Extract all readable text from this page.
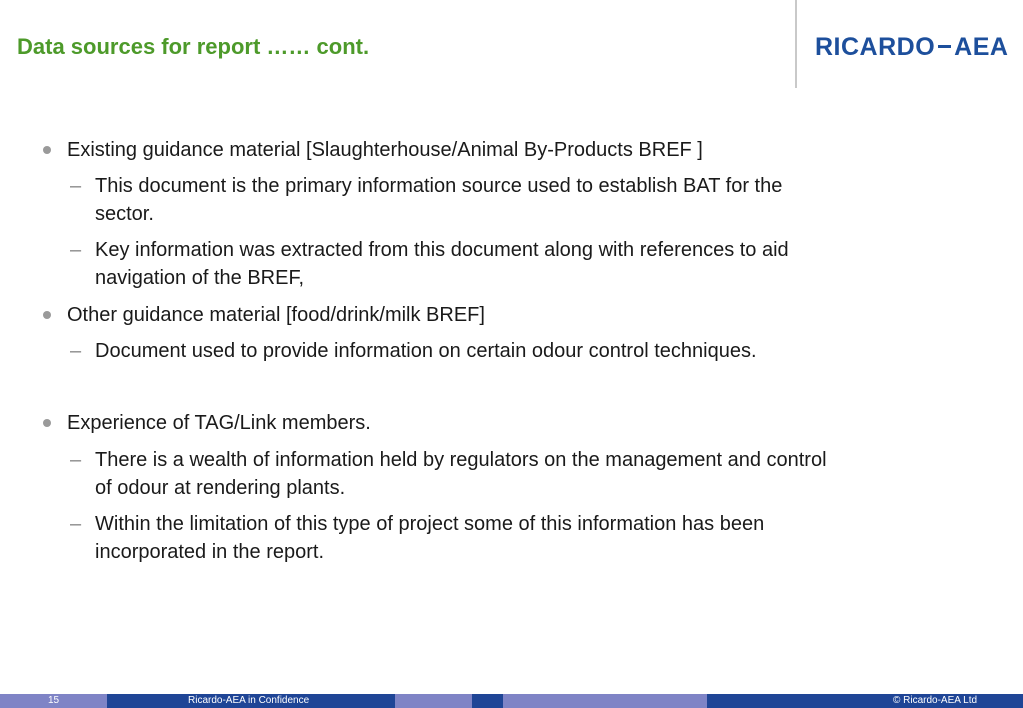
Data sources for report …… cont.	RICARDO AEA
Existing guidance material [Slaughterhouse/Animal By-Products BREF ]
– This document is the primary information source used to establish BAT for the
sector.
– Key information was extracted from this document along with references to aid
navigation of the BREF,
Other guidance material [food/drink/milk BREF]
– Document used to provide information on certain odour control techniques.
Experience of TAG/Link members.
– There is a wealth of information held by regulators on the management and control
of odour at rendering plants.
– Within the limitation of this type of project some of this information has been
incorporated in the report.
15	Ricardo-AEA in Confidence	© Ricardo-AEA Ltd
